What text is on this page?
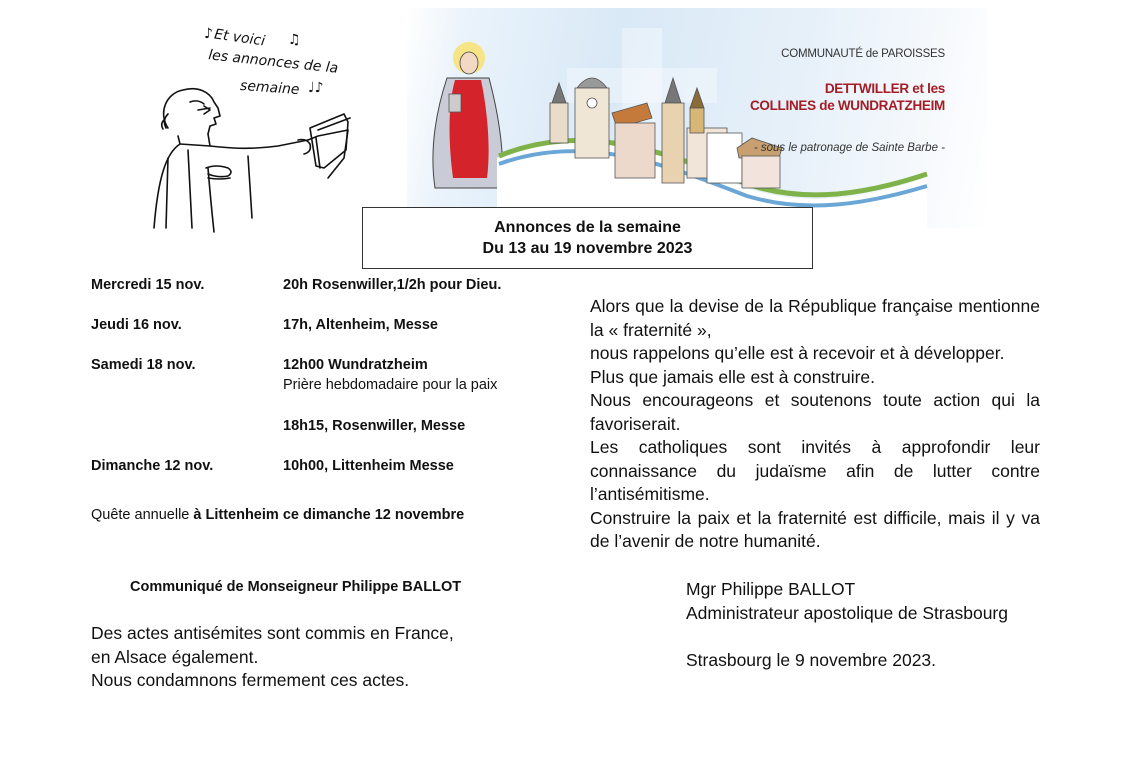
Et voici
les annonces de la
semaine
♪	♫
♩♪
COMMUNAUTÉ de PAROISSES
DETTWILLER et les
COLLINES de WUNDRATZHEIM
- sous le patronage de Sainte Barbe -
Annonces de la semaine
Du 13 au 19 novembre 2023
Mercredi 15 nov.	20h Rosenwiller,1/2h pour Dieu.
Jeudi 16 nov.	17h, Altenheim, Messe
Samedi 18 nov.	12h00 Wundratzheim
Prière hebdomadaire pour la paix
18h15, Rosenwiller, Messe
Dimanche 12 nov.	10h00, Littenheim Messe
Quête annuelle à Littenheim ce dimanche 12 novembre

Alors que la devise de la République française mentionne la « fraternité »,

nous rappelons qu’elle est à recevoir et à développer.

Plus que jamais elle est à construire.

Nous encourageons et soutenons toute action qui la favoriserait.

Les catholiques sont invités à approfondir leur connaissance du judaïsme afin de lutter contre l’antisémitisme.

Construire la paix et la fraternité est difficile, mais il y va de l’avenir de notre humanité.

Communiqué de Monseigneur Philippe BALLOT
Des actes antisémites sont commis en France,
en Alsace également.
Nous condamnons fermement ces actes.
Mgr Philippe BALLOT
Administrateur apostolique de Strasbourg
Strasbourg le 9 novembre 2023.
